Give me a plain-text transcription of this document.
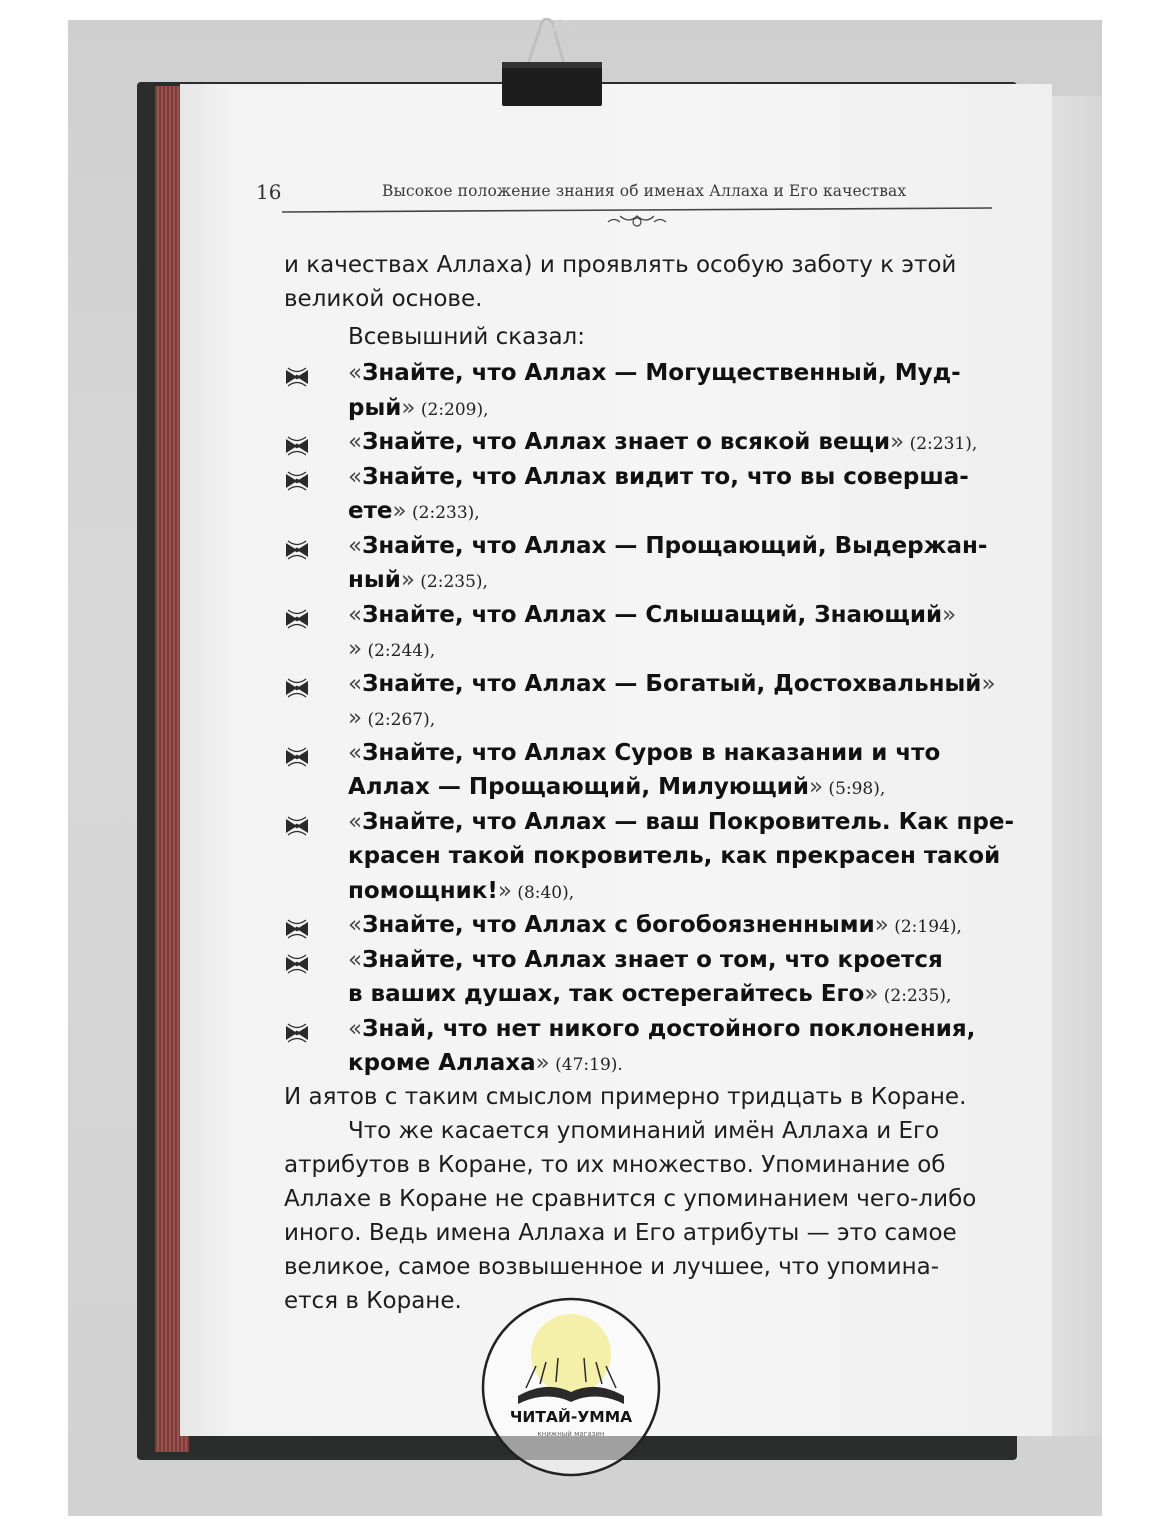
16	Высокое положение знания об именах Аллаха и Его качествах
и качествах Аллаха) и проявлять особую заботу к этой
великой основе.
Всевышний сказал:
«Знайте, что Аллах — Могущественный, Муд-
рый» (2:209),
«Знайте, что Аллах знает о всякой вещи» (2:231),
«Знайте, что Аллах видит то, что вы соверша-
ете» (2:233),
«Знайте, что Аллах — Прощающий, Выдержан-
ный» (2:235),
«Знайте, что Аллах — Слышащий, Знающий»
» (2:244),
«Знайте, что Аллах — Богатый, Достохвальный»
» (2:267),
«Знайте, что Аллах Суров в наказании и что
Аллах — Прощающий, Милующий» (5:98),
«Знайте, что Аллах — ваш Покровитель. Как пре-
красен такой покровитель, как прекрасен такой
помощник!» (8:40),
«Знайте, что Аллах с богобоязненными» (2:194),
«Знайте, что Аллах знает о том, что кроется
в ваших душах, так остерегайтесь Его» (2:235),
«Знай, что нет никого достойного поклонения,
кроме Аллаха» (47:19).
И аятов с таким смыслом примерно тридцать в Коране.
Что же касается упоминаний имён Аллаха и Его
атрибутов в Коране, то их множество. Упоминание об
Аллахе в Коране не сравнится с упоминанием чего-либо
иного. Ведь имена Аллаха и Его атрибуты — это самое
великое, самое возвышенное и лучшее, что упомина-
ется в Коране.
ЧИТАЙ-УММА
книжный магазин
